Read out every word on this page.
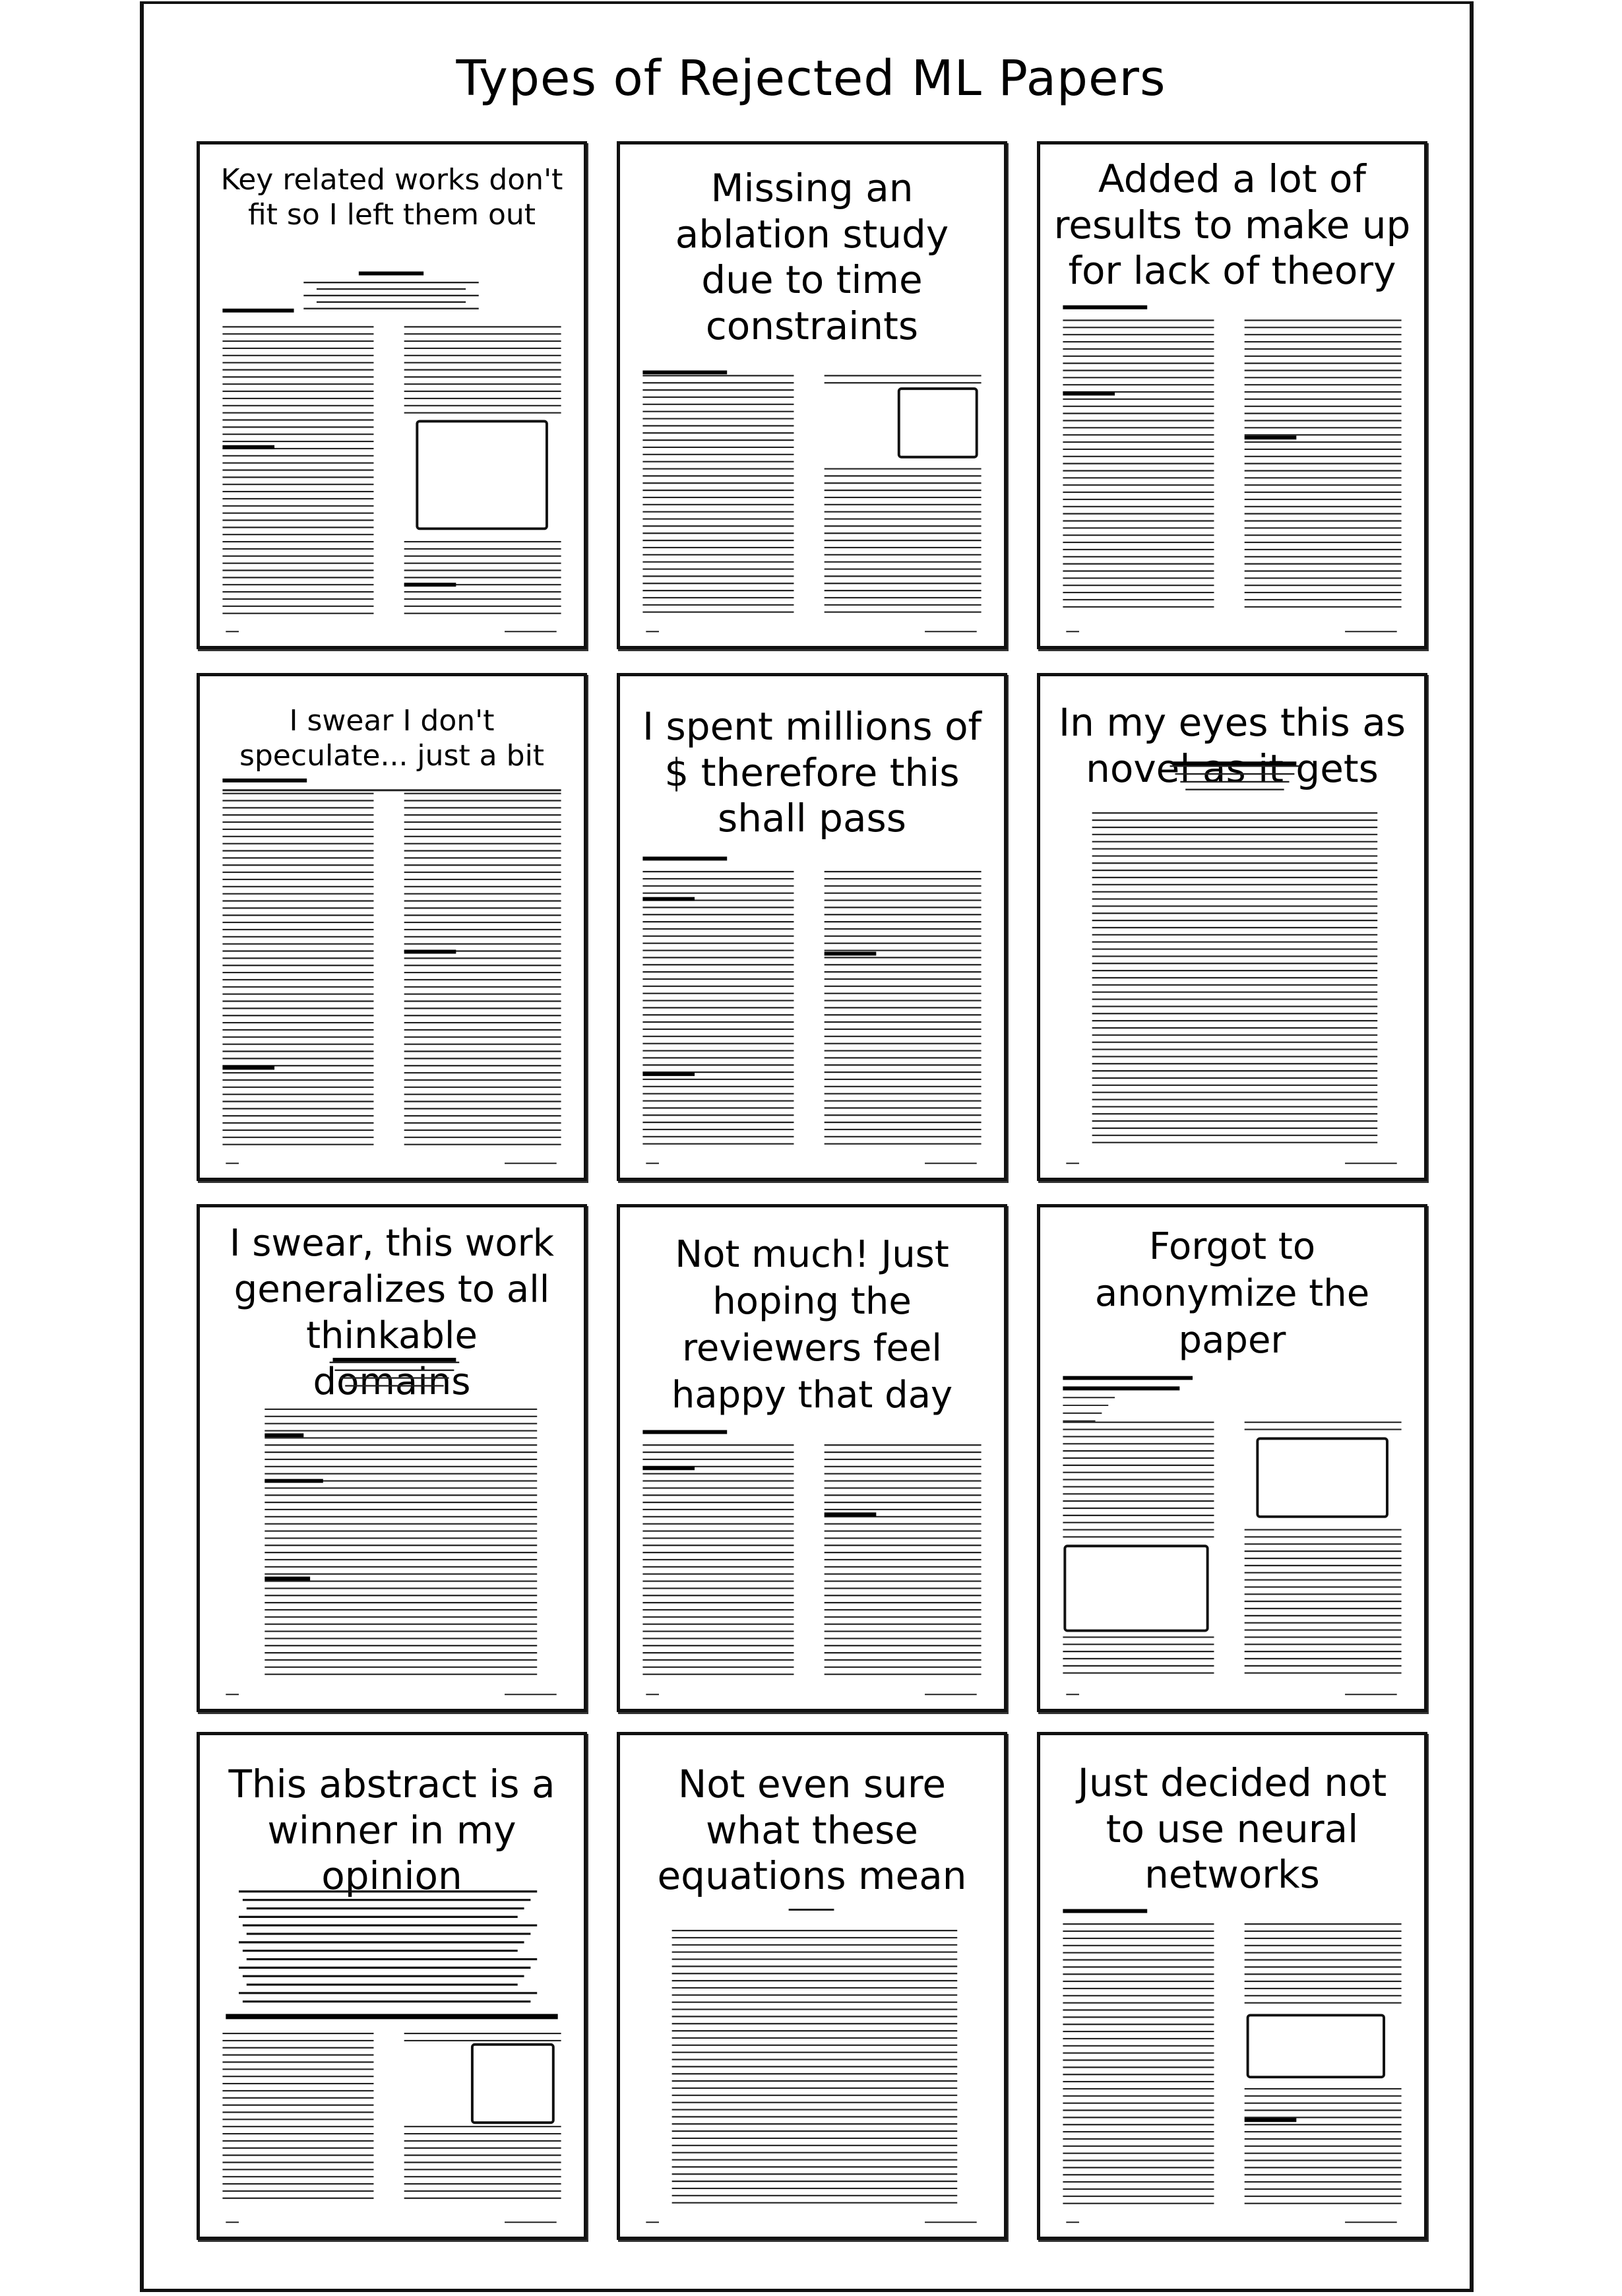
Types of Rejected ML Papers
Key related works don't fit so I left them out
Missing an ablation study due to time constraints
Added a lot of results to make up for lack of theory
I swear I don't speculate... just a bit
I spent millions of $ therefore this shall pass
In my eyes this as novel as it gets
I swear, this work generalizes to all thinkable domains
Not much! Just hoping the reviewers feel happy that day
Forgot to anonymize the paper
This abstract is a winner in my opinion
Not even sure what these equations mean
Just decided not to use neural networks
